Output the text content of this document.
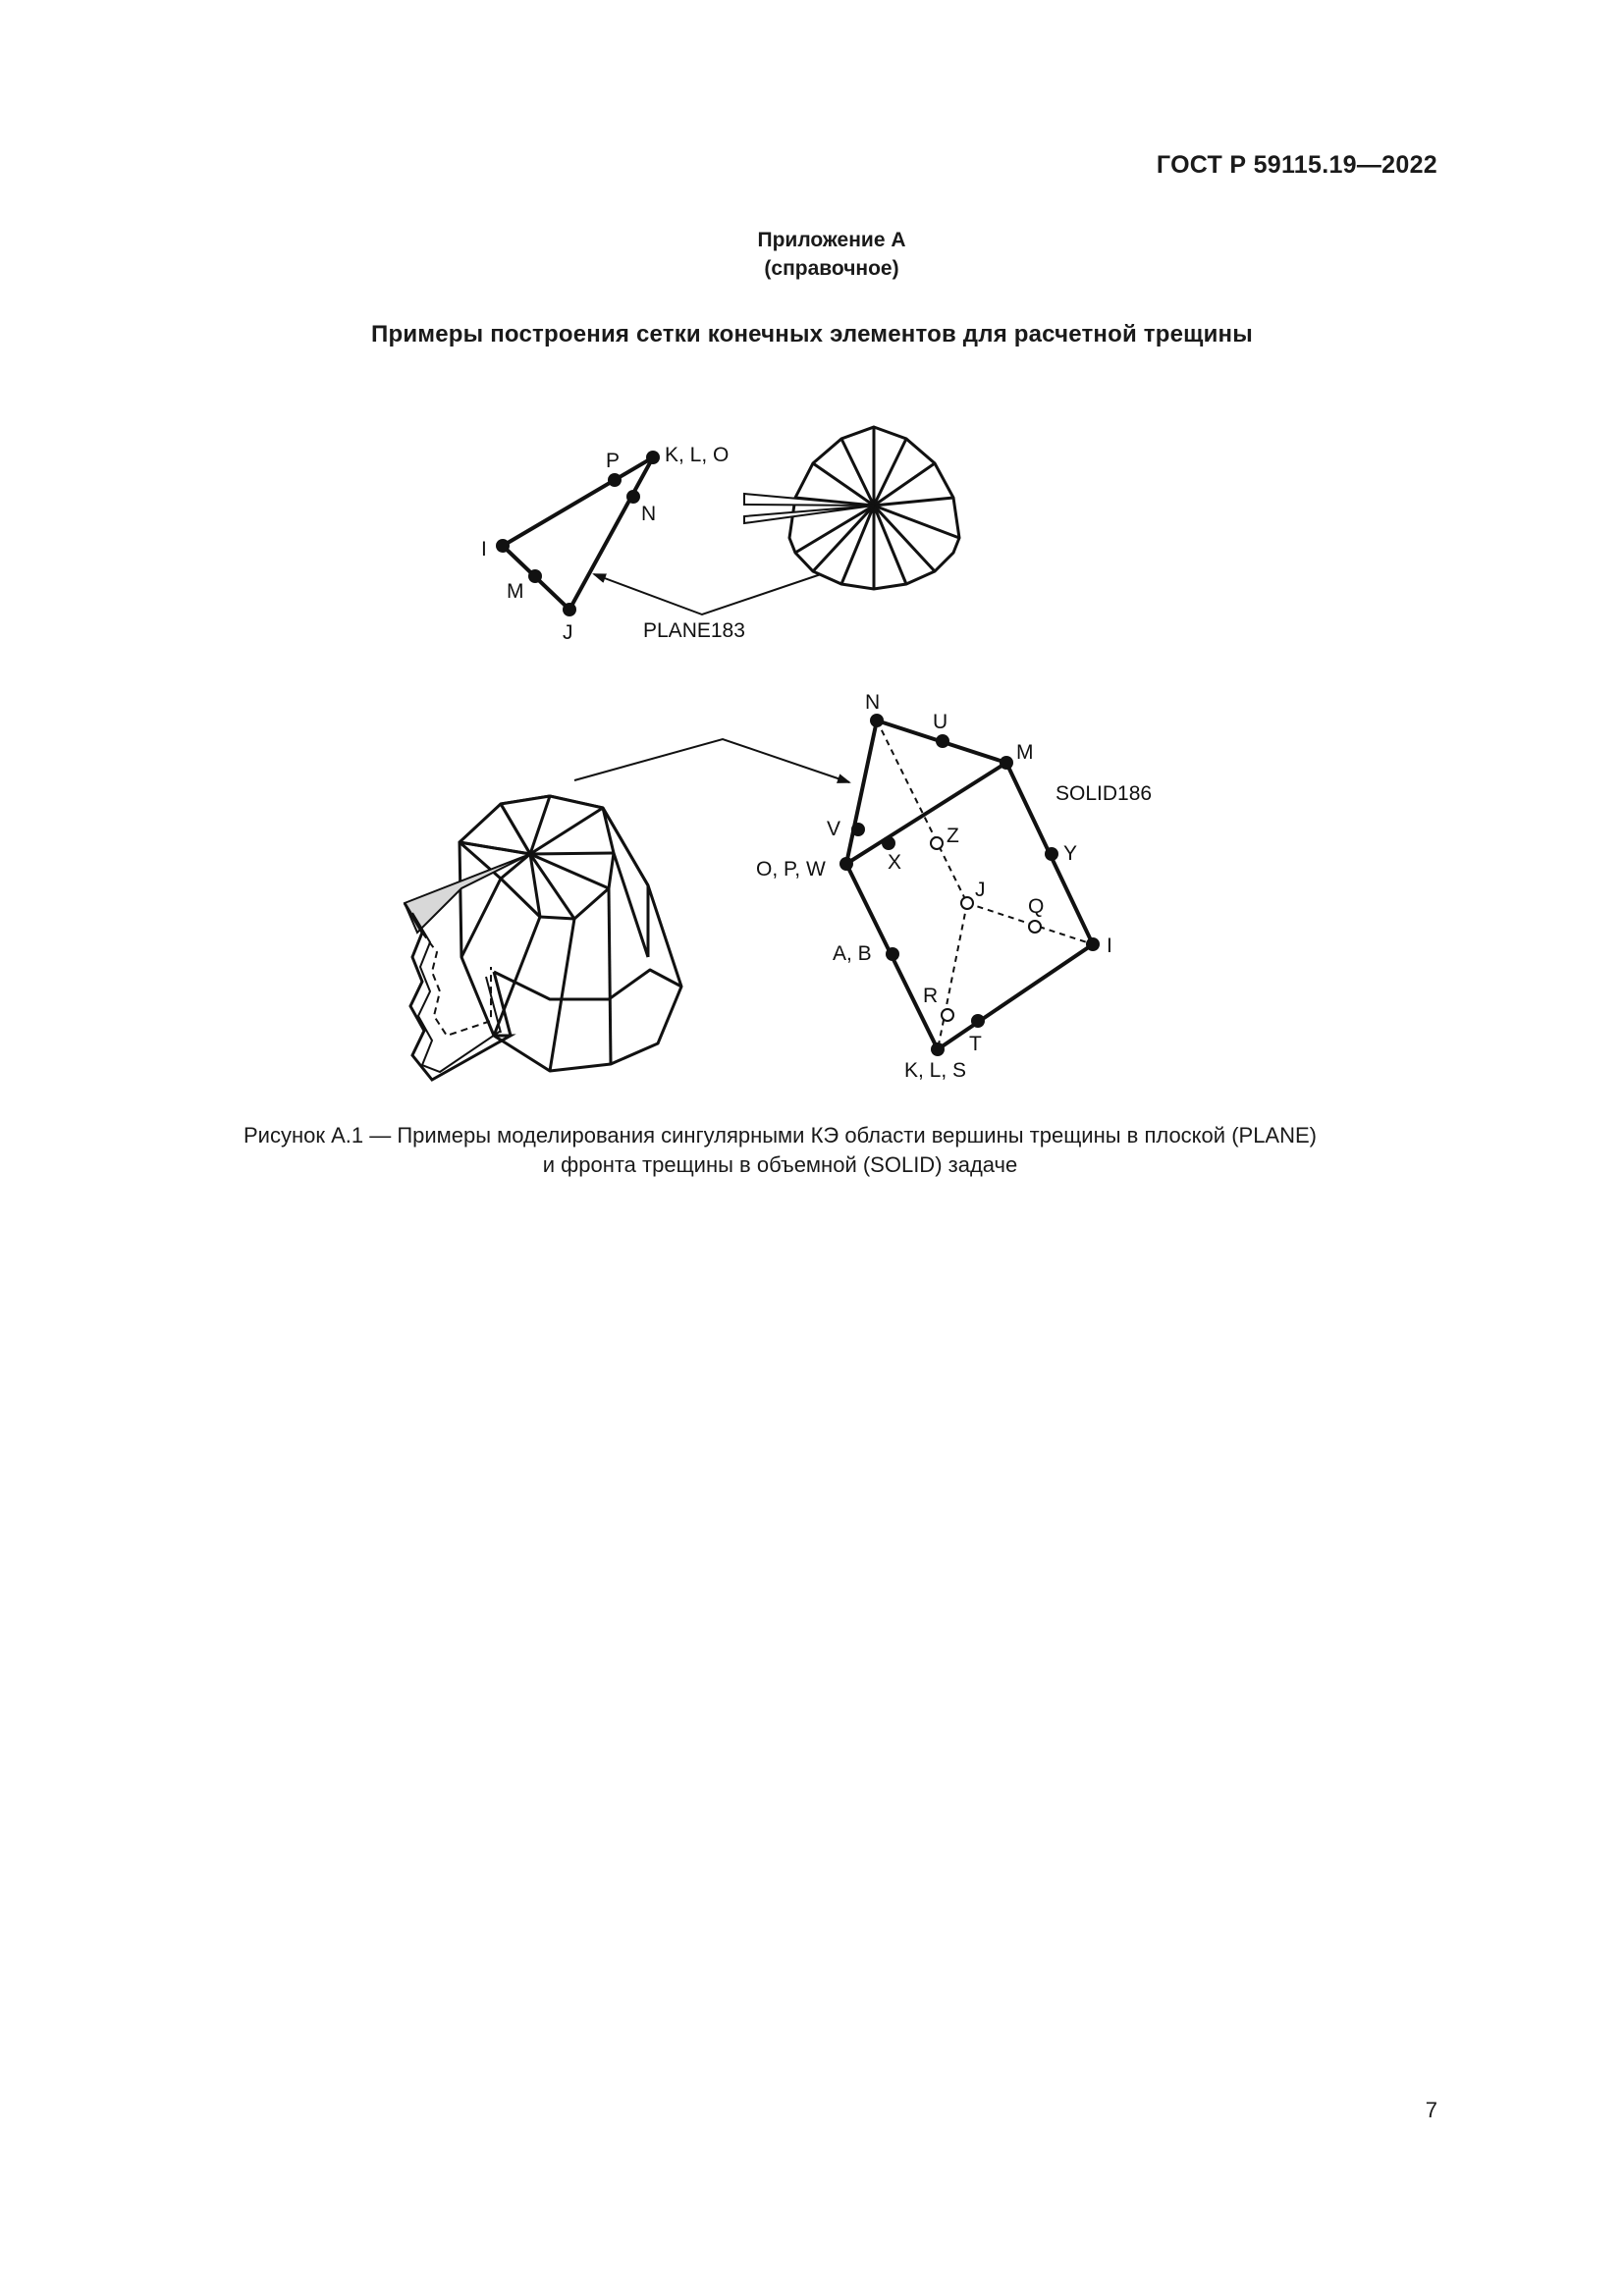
ГОСТ Р 59115.19—2022
Приложение А
(справочное)
Примеры построения сетки конечных элементов для расчетной трещины
P K, L, O
N
I
M
J	PLANE183
N
U
M
SOLID186
V	Z
O, P, W	X	Y
J
Q
I
A, B
R
T
K, L, S
Рисунок А.1 — Примеры моделирования сингулярными КЭ области вершины трещины в плоской (PLANE)
и фронта трещины в объемной (SOLID) задаче
7
